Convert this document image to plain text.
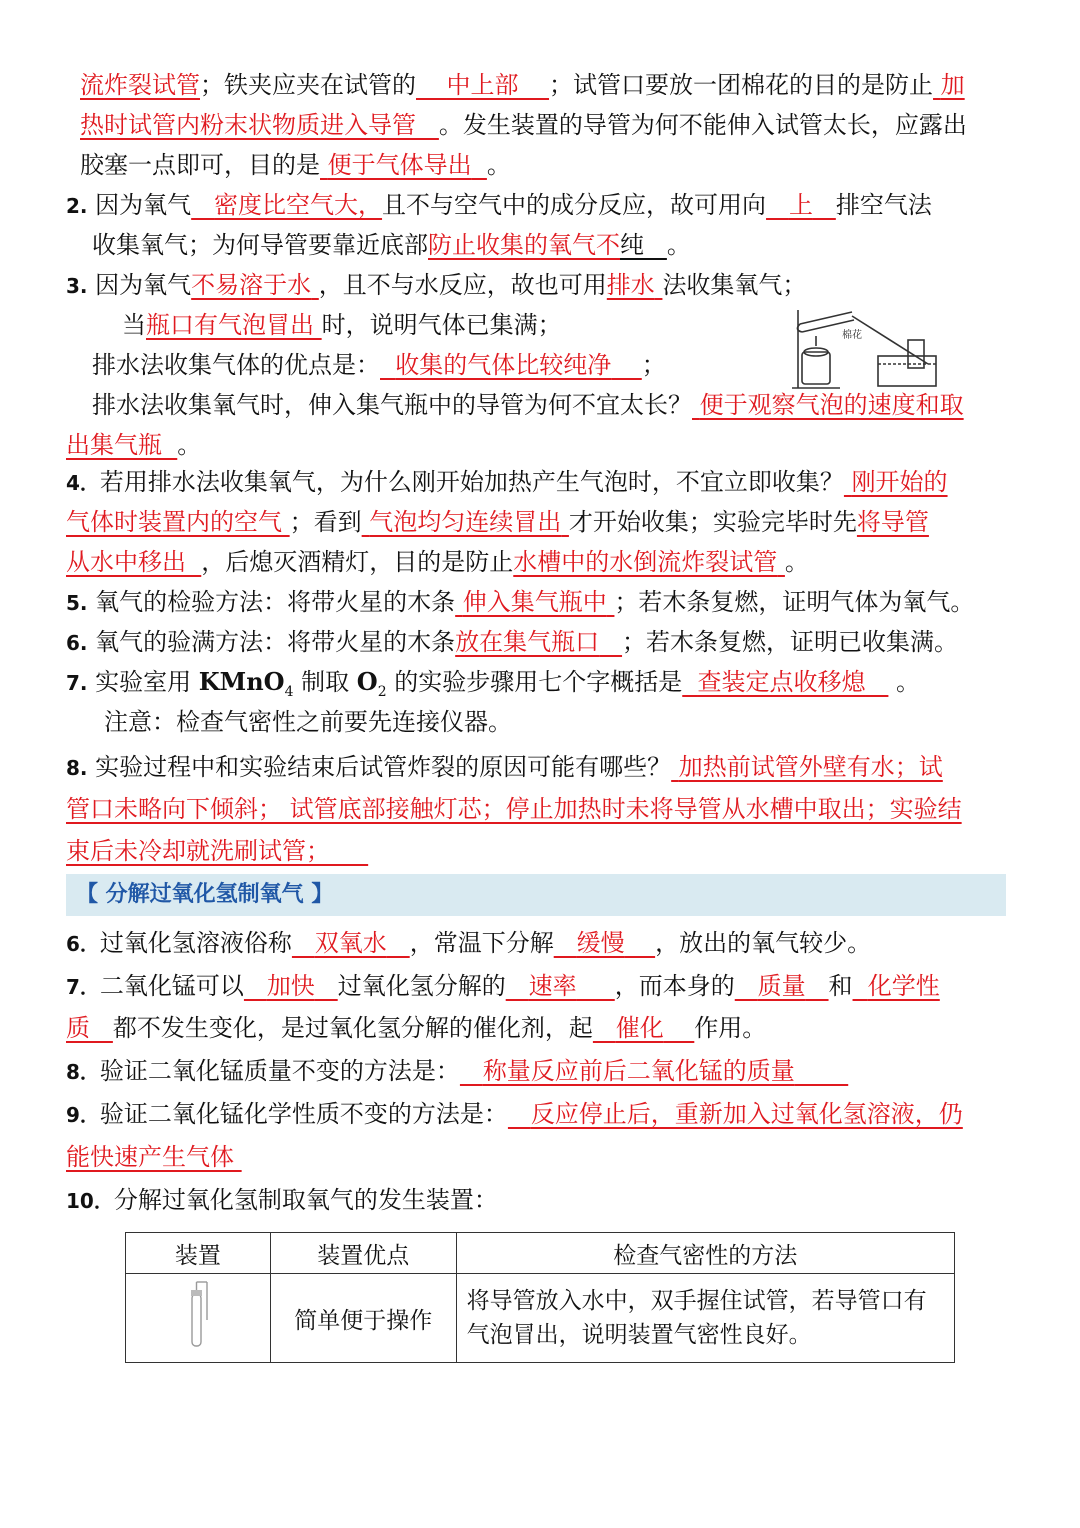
流炸裂试管；铁夹应夹在试管的 中上部 ；试管口要放一团棉花的目的是防止 加
热时试管内粉末状物质进入导管 。发生装置的导管为何不能伸入试管太长，应露出
胶塞一点即可，目的是 便于气体导出 。
2. 因为氧气 密度比空气大，且不与空气中的成分反应，故可用向 上 排空气法
收集氧气；为何导管要靠近底部防止收集的氧气不纯 。
3. 因为氧气不易溶于水 ，且不与水反应，故也可用排水 法收集氧气；
当瓶口有气泡冒出 时，说明气体已集满；
排水法收集气体的优点是： 收集的气体比较纯净 ；
排水法收集氧气时，伸入集气瓶中的导管为何不宜太长？ 便于观察气泡的速度和取
出集气瓶 。
棉花
4．若用排水法收集氧气，为什么刚开始加热产生气泡时，不宜立即收集？ 刚开始的
气体时装置内的空气 ；看到 气泡均匀连续冒出 才开始收集；实验完毕时先将导管
从水中移出 ，后熄灭酒精灯，目的是防止水槽中的水倒流炸裂试管 。
5. 氧气的检验方法：将带火星的木条 伸入集气瓶中 ；若木条复燃，证明气体为氧气。
6. 氧气的验满方法：将带火星的木条放在集气瓶口 ；若木条复燃，证明已收集满。
7. 实验室用 KMnO$_4$ 制取 $O_2$ 的实验步骤用七个字概括是 查装定点收移熄 。
注意：检查气密性之前要先连接仪器。
8. 实验过程中和实验结束后试管炸裂的原因可能有哪些？ 加热前试管外壁有水；试
管口未略向下倾斜； 试管底部接触灯芯；停止加热时未将导管从水槽中取出；实验结
束后未冷却就洗刷试管；
【 分解过氧化氢制氧气 】
6．过氧化氢溶液俗称 双氧水 ，常温下分解 缓慢 ，放出的氧气较少。
7．二氧化锰可以 加快 过氧化氢分解的 速率 ，而本身的 质量 和 化学性
质 都不发生变化，是过氧化氢分解的催化剂，起 催化 作用。
8．验证二氧化锰质量不变的方法是： 称量反应前后二氧化锰的质量
9．验证二氧化锰化学性质不变的方法是： 反应停止后，重新加入过氧化氢溶液，仍
能快速产生气体
10．分解过氧化氢制取氧气的发生装置：
装置	装置优点	检查气密性的方法
	简单便于操作	将导管放入水中，双手握住试管，若导管口有气泡冒出，说明装置气密性良好。
